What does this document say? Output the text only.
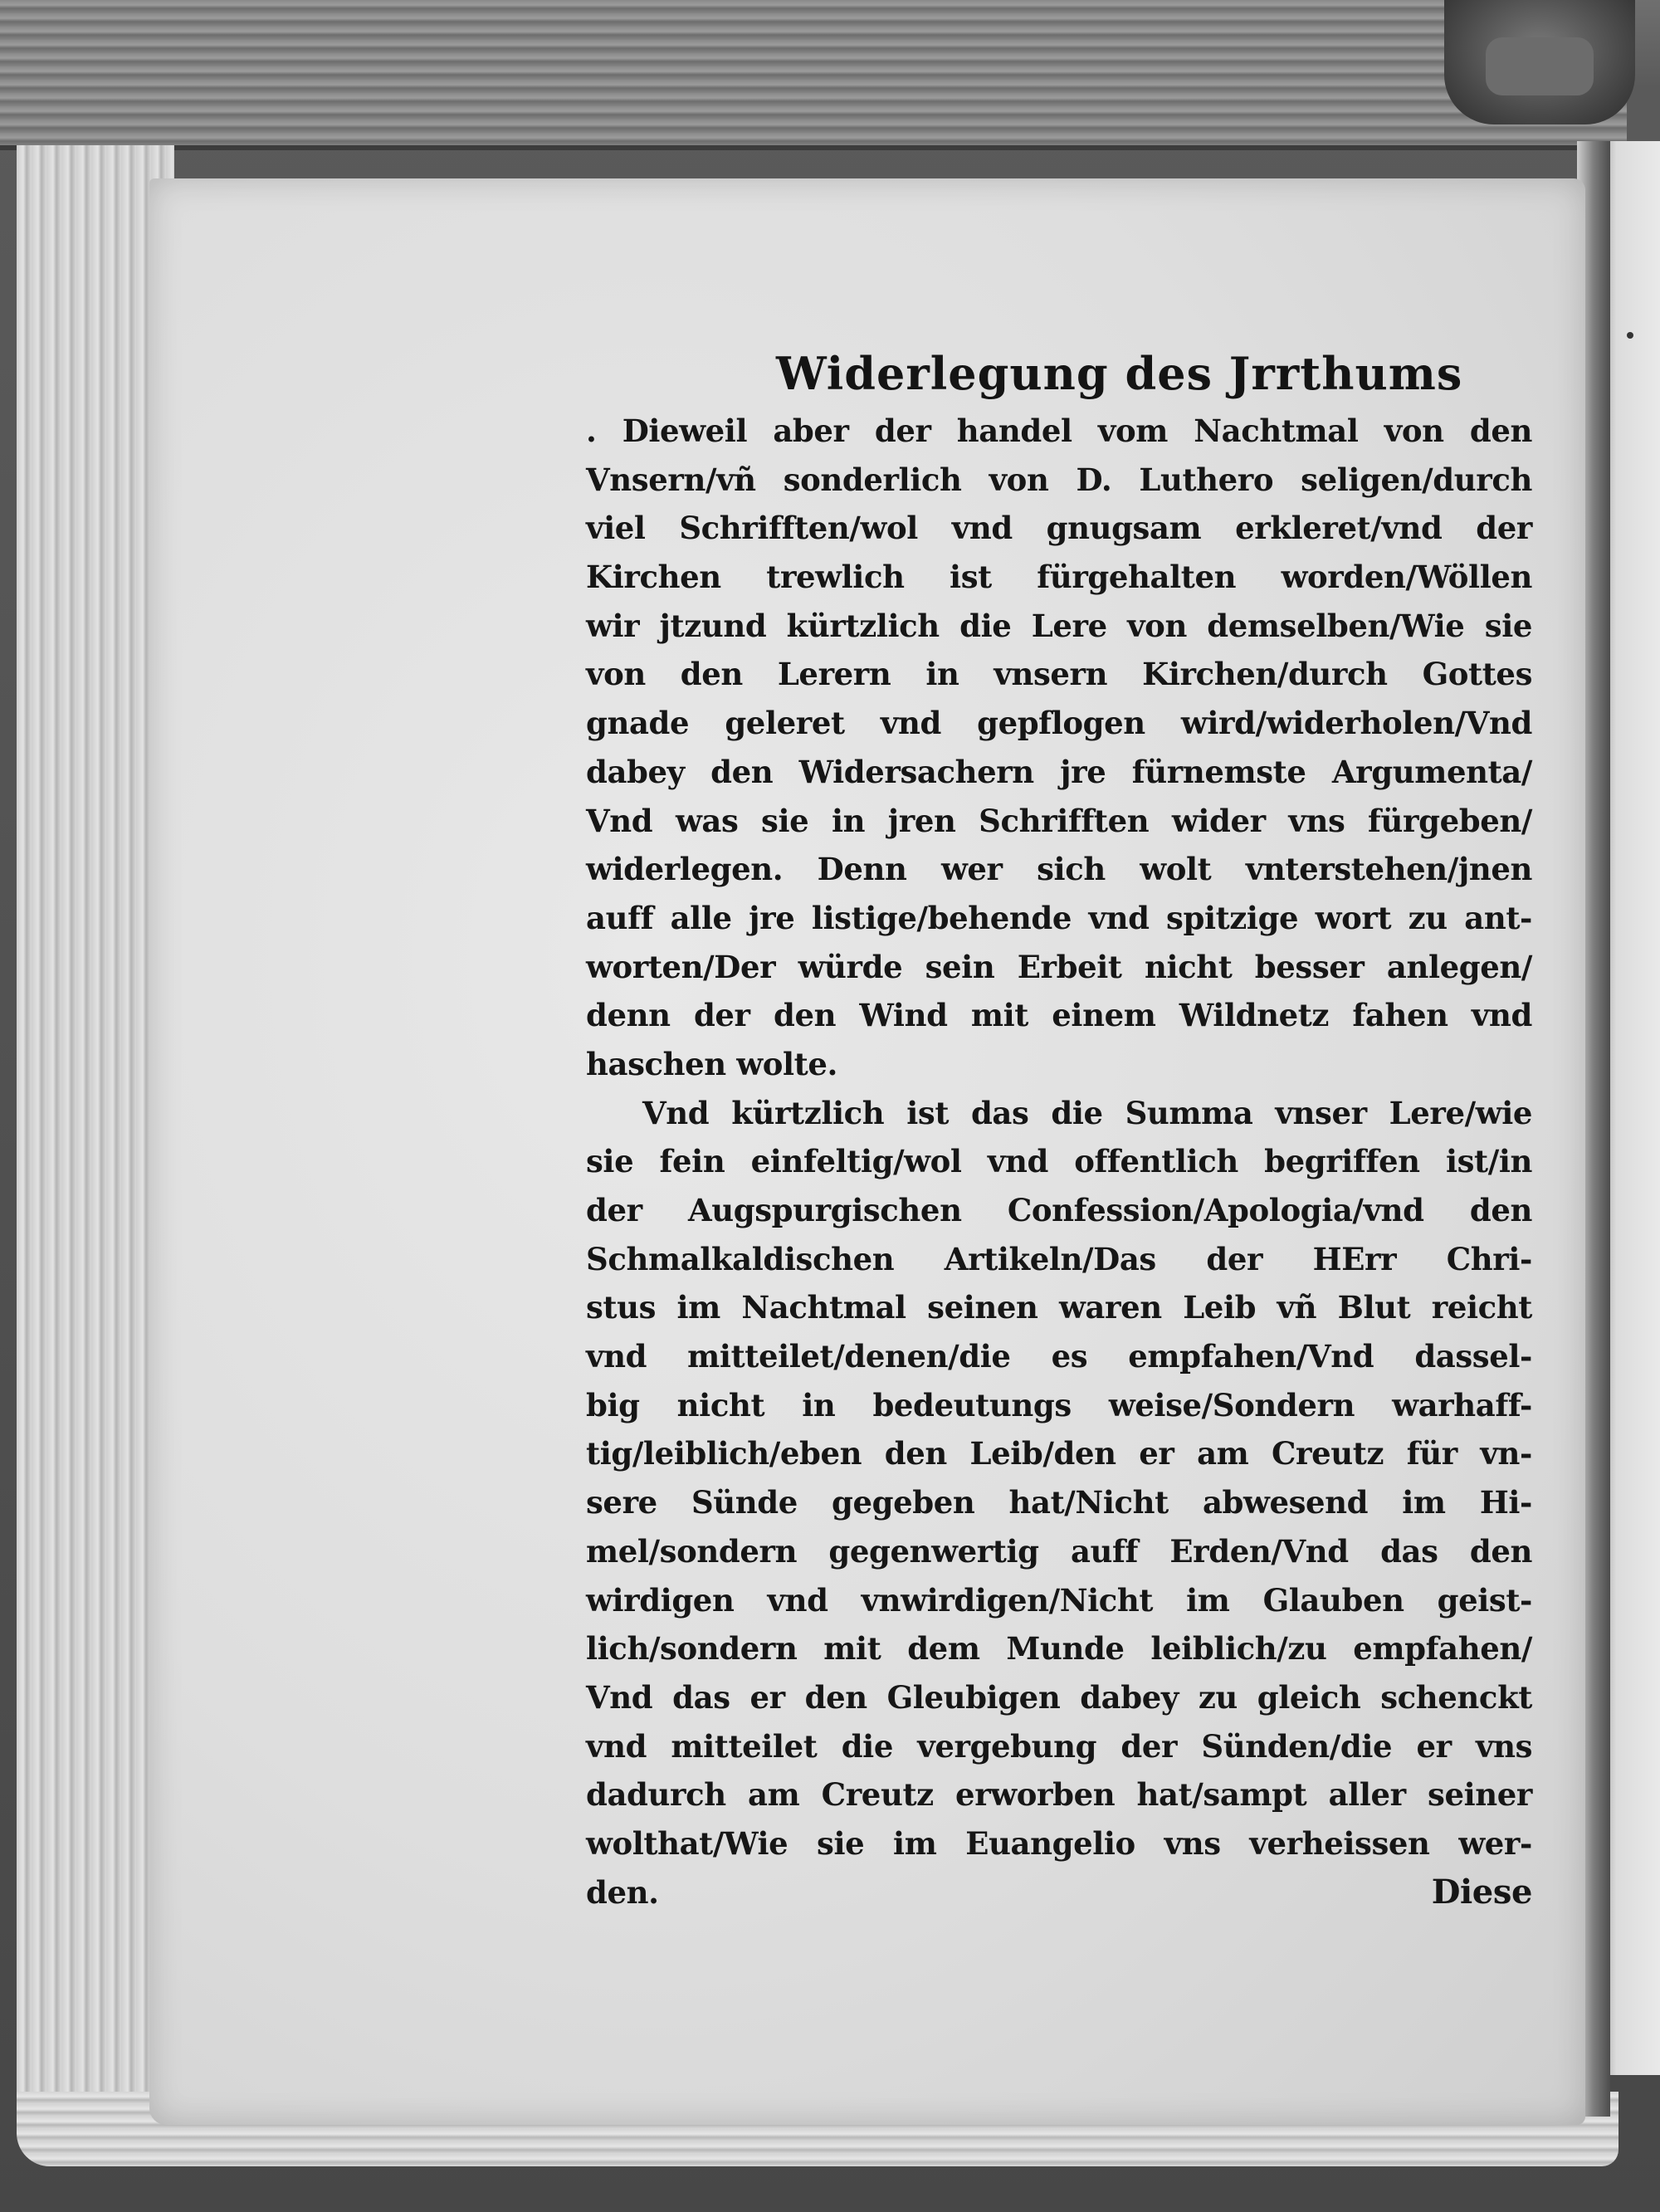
Widerlegung des Jrrthums
. Dieweil aber der handel vom Nachtmal von den
Vnsern/vñ sonderlich von D. Luthero seligen/durch
viel Schrifften/wol vnd gnugsam erkleret/vnd der
Kirchen trewlich ist fürgehalten worden/Wöllen
wir jtzund kürtzlich die Lere von demselben/Wie sie
von den Lerern in vnsern Kirchen/durch Gottes
gnade geleret vnd gepflogen wird/widerholen/Vnd
dabey den Widersachern jre fürnemste Argumenta/
Vnd was sie in jren Schrifften wider vns fürgeben/
widerlegen. Denn wer sich wolt vnterstehen/jnen
auff alle jre listige/behende vnd spitzige wort zu ant-
worten/Der würde sein Erbeit nicht besser anlegen/
denn der den Wind mit einem Wildnetz fahen vnd
haschen wolte.
Vnd kürtzlich ist das die Summa vnser Lere/wie
sie fein einfeltig/wol vnd offentlich begriffen ist/in
der Augspurgischen Confession/Apologia/vnd den
Schmalkaldischen Artikeln/Das der HErr Chri-
stus im Nachtmal seinen waren Leib vñ Blut reicht
vnd mitteilet/denen/die es empfahen/Vnd dassel-
big nicht in bedeutungs weise/Sondern warhaff-
tig/leiblich/eben den Leib/den er am Creutz für vn-
sere Sünde gegeben hat/Nicht abwesend im Hi-
mel/sondern gegenwertig auff Erden/Vnd das den
wirdigen vnd vnwirdigen/Nicht im Glauben geist-
lich/sondern mit dem Munde leiblich/zu empfahen/
Vnd das er den Gleubigen dabey zu gleich schenckt
vnd mitteilet die vergebung der Sünden/die er vns
dadurch am Creutz erworben hat/sampt aller seiner
wolthat/Wie sie im Euangelio vns verheissen wer-
den.	Diese
